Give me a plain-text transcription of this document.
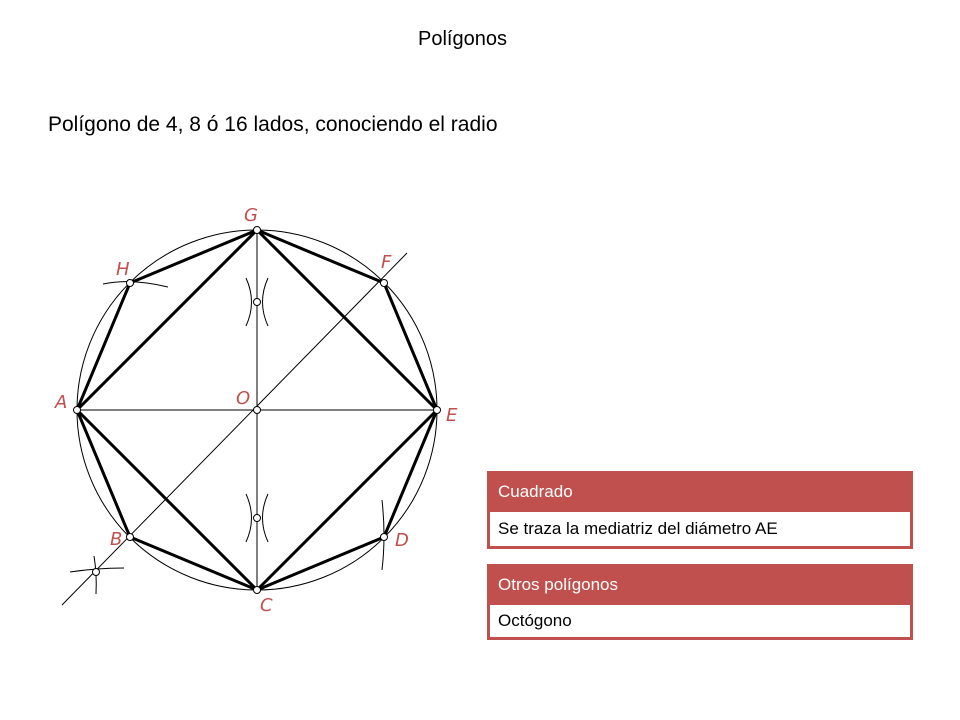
Polígonos
Polígono de 4, 8 ó 16 lados, conociendo el radio
O
A
B
C
D
E
F
G
H
Cuadrado
Se traza la mediatriz del diámetro AE
Otros polígonos
Octógono
